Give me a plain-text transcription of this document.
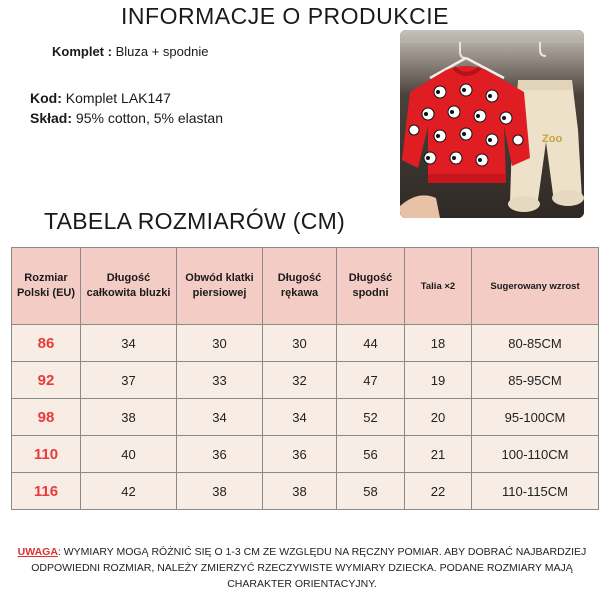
INFORMACJE O PRODUKCIE
Komplet : Bluza + spodnie
Kod: Komplet LAK147
Skład: 95% cotton, 5% elastan
Zoo
TABELA ROZMIARÓW (CM)
Rozmiar Polski (EU)	Długość całkowita bluzki	Obwód klatki piersiowej	Długość rękawa	Długość spodni	Talia ×2	Sugerowany wzrost
86	34	30	30	44	18	80-85CM
92	37	33	32	47	19	85-95CM
98	38	34	34	52	20	95-100CM
110	40	36	36	56	21	100-110CM
116	42	38	38	58	22	110-115CM
UWAGA: WYMIARY MOGĄ RÓŻNIĆ SIĘ O 1-3 CM ZE WZGLĘDU NA RĘCZNY POMIAR. ABY DOBRAĆ NAJBARDZIEJ ODPOWIEDNI ROZMIAR, NALEŻY ZMIERZYĆ RZECZYWISTE WYMIARY DZIECKA. PODANE ROZMIARY MAJĄ CHARAKTER ORIENTACYJNY.
